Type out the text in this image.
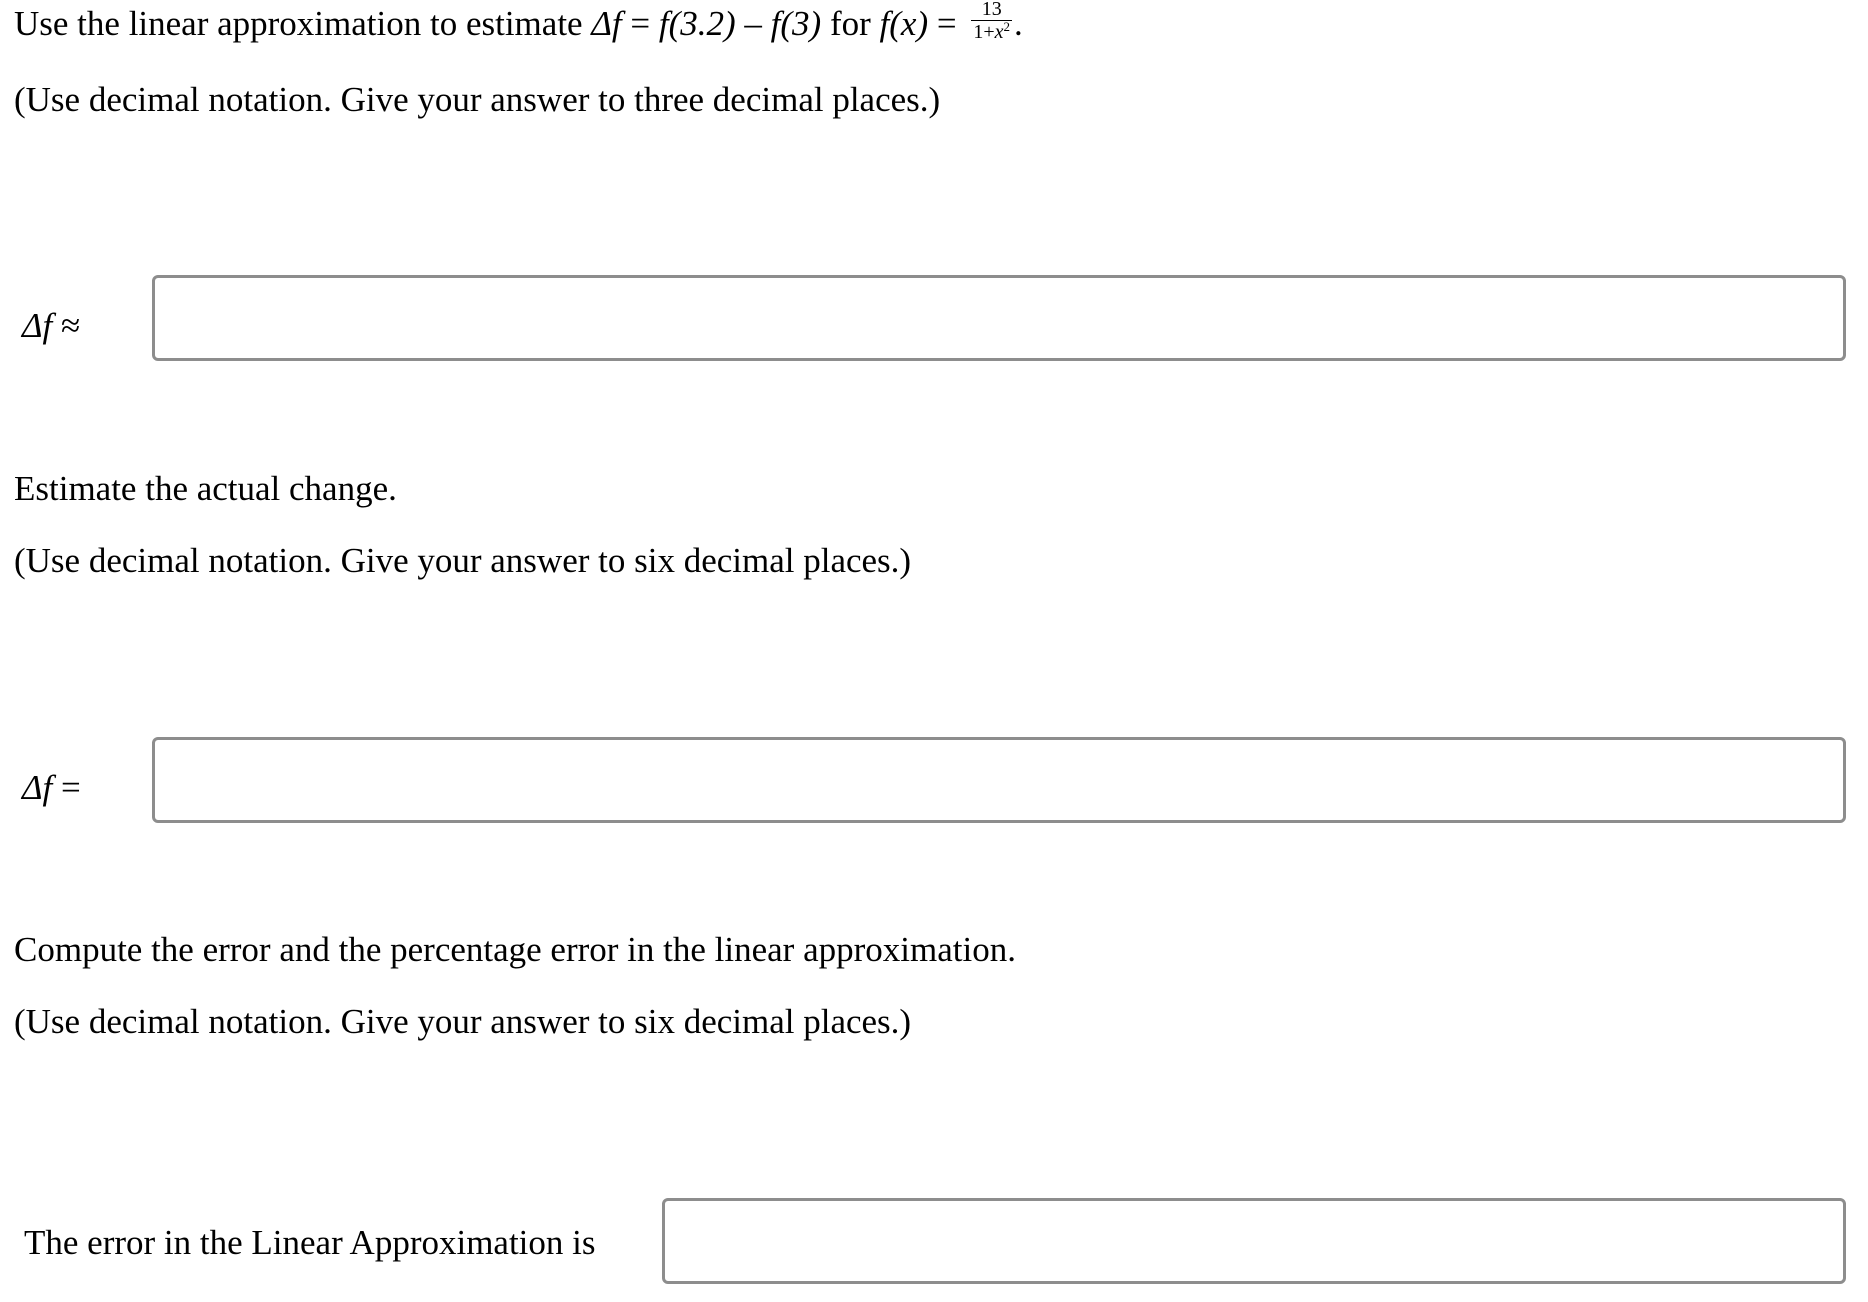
Use the linear approximation to estimate Δf = f(3.2) – f(3) for $f(x) = \frac{13}{1+x^2}$ .
(Use decimal notation. Give your answer to three decimal places.)
Δf ≈
Estimate the actual change.
(Use decimal notation. Give your answer to six decimal places.)
Δf =
Compute the error and the percentage error in the linear approximation.
(Use decimal notation. Give your answer to six decimal places.)
The error in the Linear Approximation is
